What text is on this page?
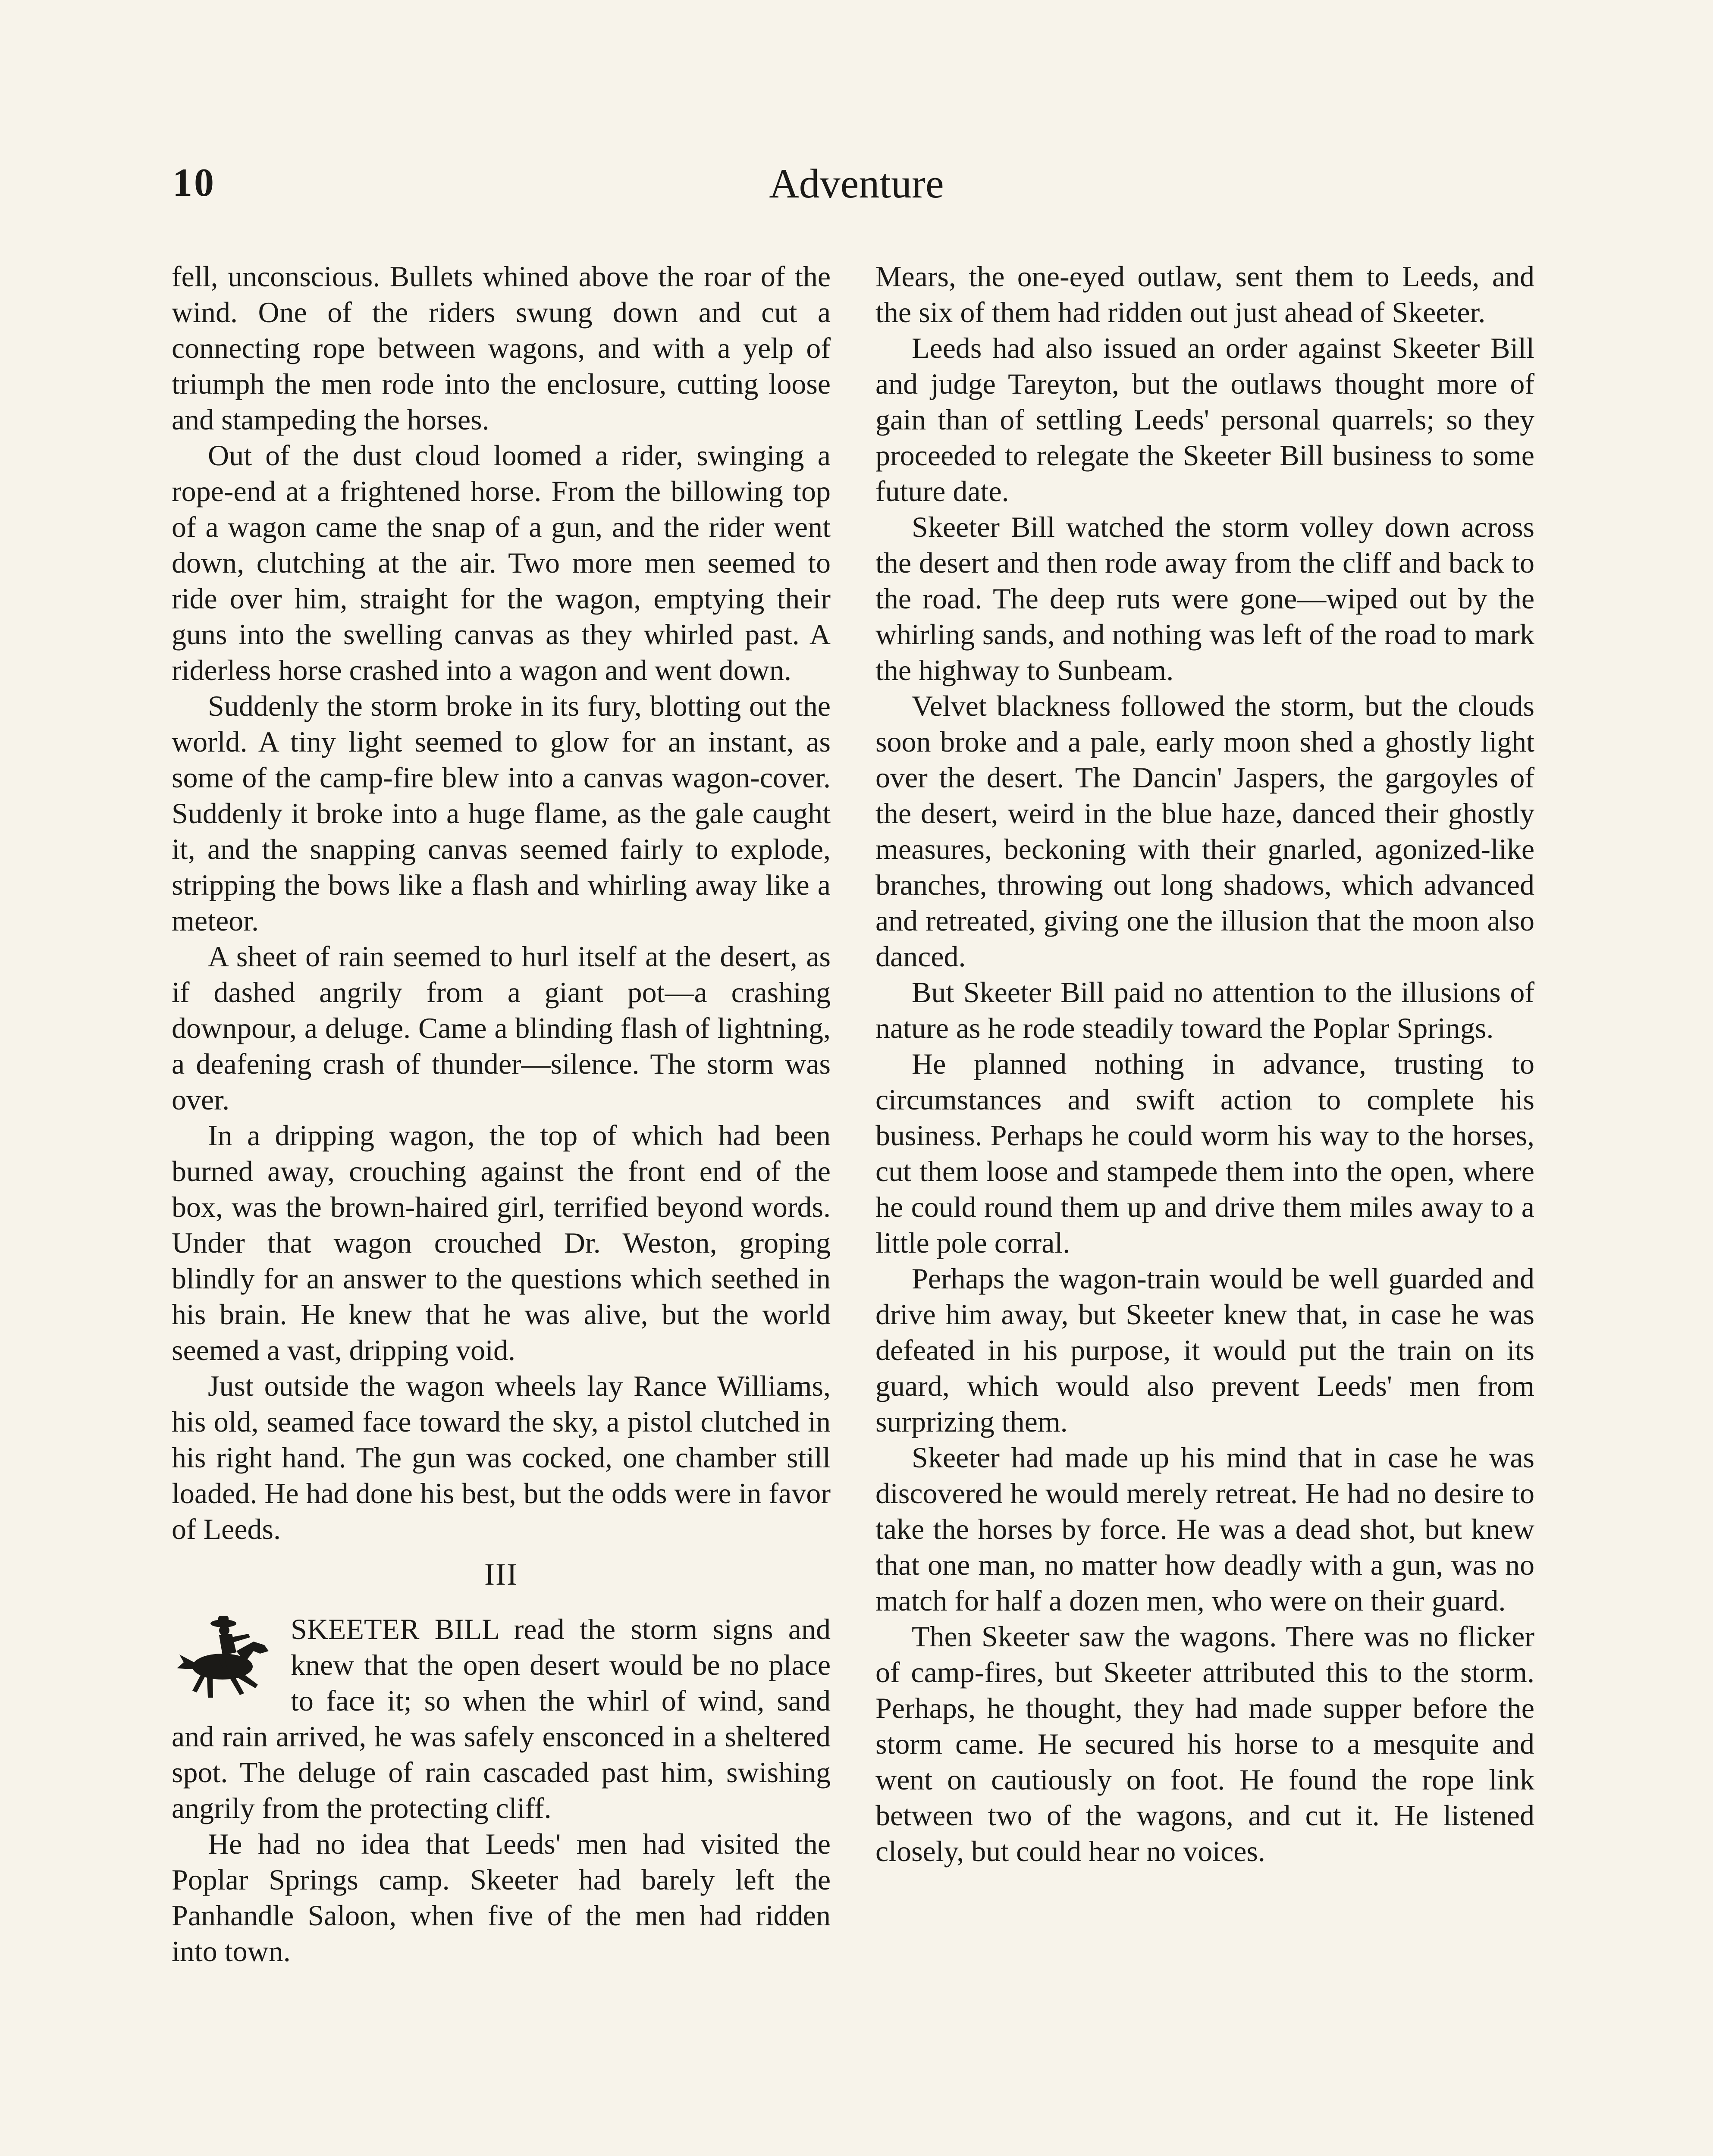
10	Adventure

fell, unconscious. Bullets whined above the roar of the wind. One of the riders swung down and cut a connecting rope between wagons, and with a yelp of triumph the men rode into the enclosure, cutting loose and stampeding the horses.

Out of the dust cloud loomed a rider, swinging a rope-end at a frightened horse. From the billowing top of a wagon came the snap of a gun, and the rider went down, clutching at the air. Two more men seemed to ride over him, straight for the wagon, emptying their guns into the swelling canvas as they whirled past. A riderless horse crashed into a wagon and went down.

Suddenly the storm broke in its fury, blotting out the world. A tiny light seemed to glow for an instant, as some of the camp-fire blew into a canvas wagon-cover. Suddenly it broke into a huge flame, as the gale caught it, and the snapping canvas seemed fairly to explode, stripping the bows like a flash and whirling away like a meteor.

A sheet of rain seemed to hurl itself at the desert, as if dashed angrily from a giant pot—a crashing downpour, a deluge. Came a blinding flash of lightning, a deafening crash of thunder—silence. The storm was over.

In a dripping wagon, the top of which had been burned away, crouching against the front end of the box, was the brown-haired girl, terrified beyond words. Under that wagon crouched Dr. Weston, groping blindly for an answer to the questions which seethed in his brain. He knew that he was alive, but the world seemed a vast, dripping void.

Just outside the wagon wheels lay Rance Williams, his old, seamed face toward the sky, a pistol clutched in his right hand. The gun was cocked, one chamber still loaded. He had done his best, but the odds were in favor of Leeds.

III

SKEETER BILL read the storm signs and knew that the open desert would be no place to face it; so when the whirl of wind, sand and rain arrived, he was safely ensconced in a sheltered spot. The deluge of rain cascaded past him, swishing angrily from the protecting cliff.

He had no idea that Leeds' men had visited the Poplar Springs camp. Skeeter had barely left the Panhandle Saloon, when five of the men had ridden into town.

Mears, the one-eyed outlaw, sent them to Leeds, and the six of them had ridden out just ahead of Skeeter.

Leeds had also issued an order against Skeeter Bill and judge Tareyton, but the outlaws thought more of gain than of settling Leeds' personal quarrels; so they proceeded to relegate the Skeeter Bill business to some future date.

Skeeter Bill watched the storm volley down across the desert and then rode away from the cliff and back to the road. The deep ruts were gone—wiped out by the whirling sands, and nothing was left of the road to mark the highway to Sunbeam.

Velvet blackness followed the storm, but the clouds soon broke and a pale, early moon shed a ghostly light over the desert. The Dancin' Jaspers, the gargoyles of the desert, weird in the blue haze, danced their ghostly measures, beckoning with their gnarled, agonized-like branches, throwing out long shadows, which advanced and retreated, giving one the illusion that the moon also danced.

But Skeeter Bill paid no attention to the illusions of nature as he rode steadily toward the Poplar Springs.

He planned nothing in advance, trusting to circumstances and swift action to complete his business. Perhaps he could worm his way to the horses, cut them loose and stampede them into the open, where he could round them up and drive them miles away to a little pole corral.

Perhaps the wagon-train would be well guarded and drive him away, but Skeeter knew that, in case he was defeated in his purpose, it would put the train on its guard, which would also prevent Leeds' men from surprizing them.

Skeeter had made up his mind that in case he was discovered he would merely retreat. He had no desire to take the horses by force. He was a dead shot, but knew that one man, no matter how deadly with a gun, was no match for half a dozen men, who were on their guard.

Then Skeeter saw the wagons. There was no flicker of camp-fires, but Skeeter attributed this to the storm. Perhaps, he thought, they had made supper before the storm came. He secured his horse to a mesquite and went on cautiously on foot. He found the rope link between two of the wagons, and cut it. He listened closely, but could hear no voices.
